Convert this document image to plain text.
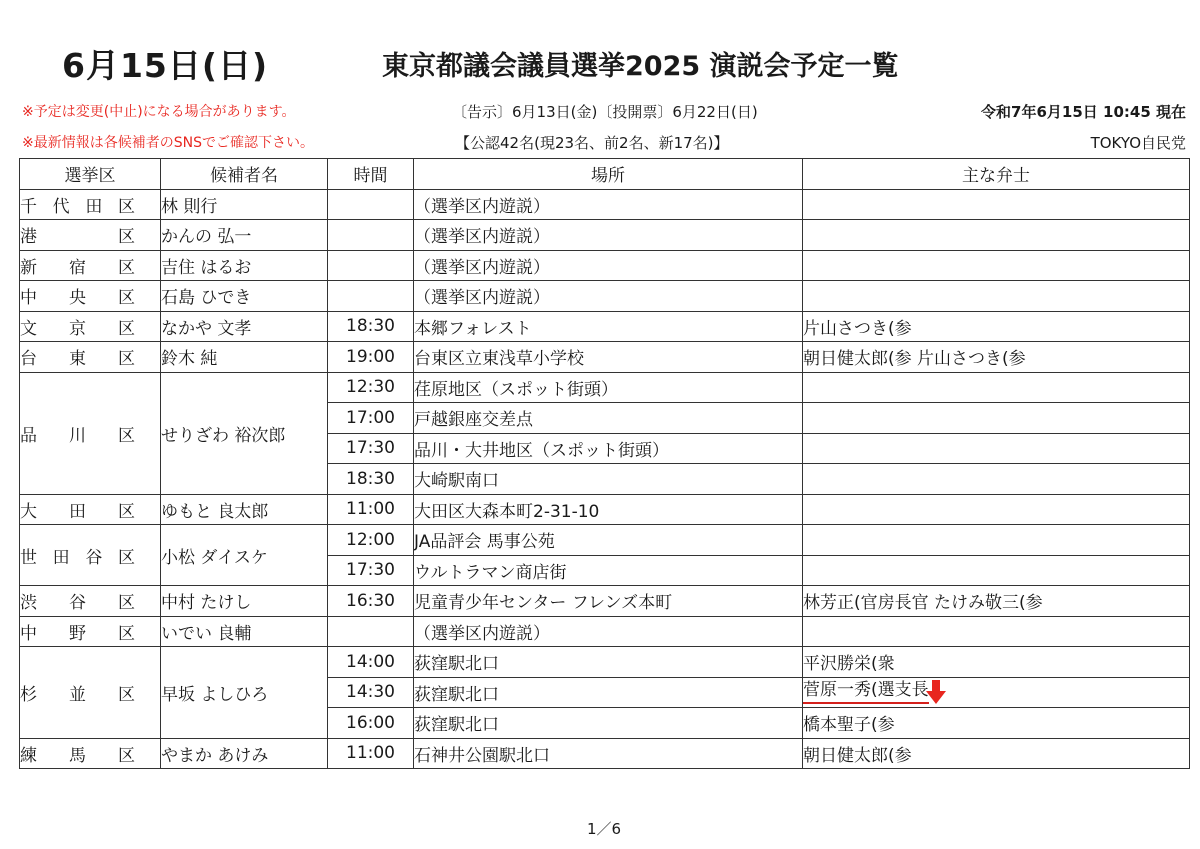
6月15日(日)	東京都議会議員選挙2025 演説会予定一覧
※予定は変更(中止)になる場合があります。
※最新情報は各候補者のSNSでご確認下さい。
〔告示〕6月13日(金)〔投開票〕6月22日(日)
【公認42名(現23名、前2名、新17名)】
令和7年6月15日 10:45 現在
TOKYO自民党
選挙区	候補者名	時間	場所	主な弁士
千代田区	林 則行		（選挙区内遊説）	
港区	かんの 弘一		（選挙区内遊説）	
新宿区	吉住 はるお		（選挙区内遊説）	
中央区	石島 ひでき		（選挙区内遊説）	
文京区	なかや 文孝	18:30	本郷フォレスト	片山さつき(参
台東区	鈴木 純	19:00	台東区立東浅草小学校	朝日健太郎(参 片山さつき(参
品川区	せりざわ 裕次郎	12:30	荏原地区（スポット街頭）	
		17:00	戸越銀座交差点	
		17:30	品川・大井地区（スポット街頭）	
		18:30	大崎駅南口	
大田区	ゆもと 良太郎	11:00	大田区大森本町2-31-10	
世田谷区	小松 ダイスケ	12:00	JA品評会 馬事公苑	
		17:30	ウルトラマン商店街	
渋谷区	中村 たけし	16:30	児童青少年センター フレンズ本町	林芳正(官房長官 たけみ敬三(参
中野区	いでい 良輔		（選挙区内遊説）	
杉並区	早坂 よしひろ	14:00	荻窪駅北口	平沢勝栄(衆
		14:30	荻窪駅北口	菅原一秀(選支長
		16:00	荻窪駅北口	橋本聖子(参
練馬区	やまか あけみ	11:00	石神井公園駅北口	朝日健太郎(参
1／6
